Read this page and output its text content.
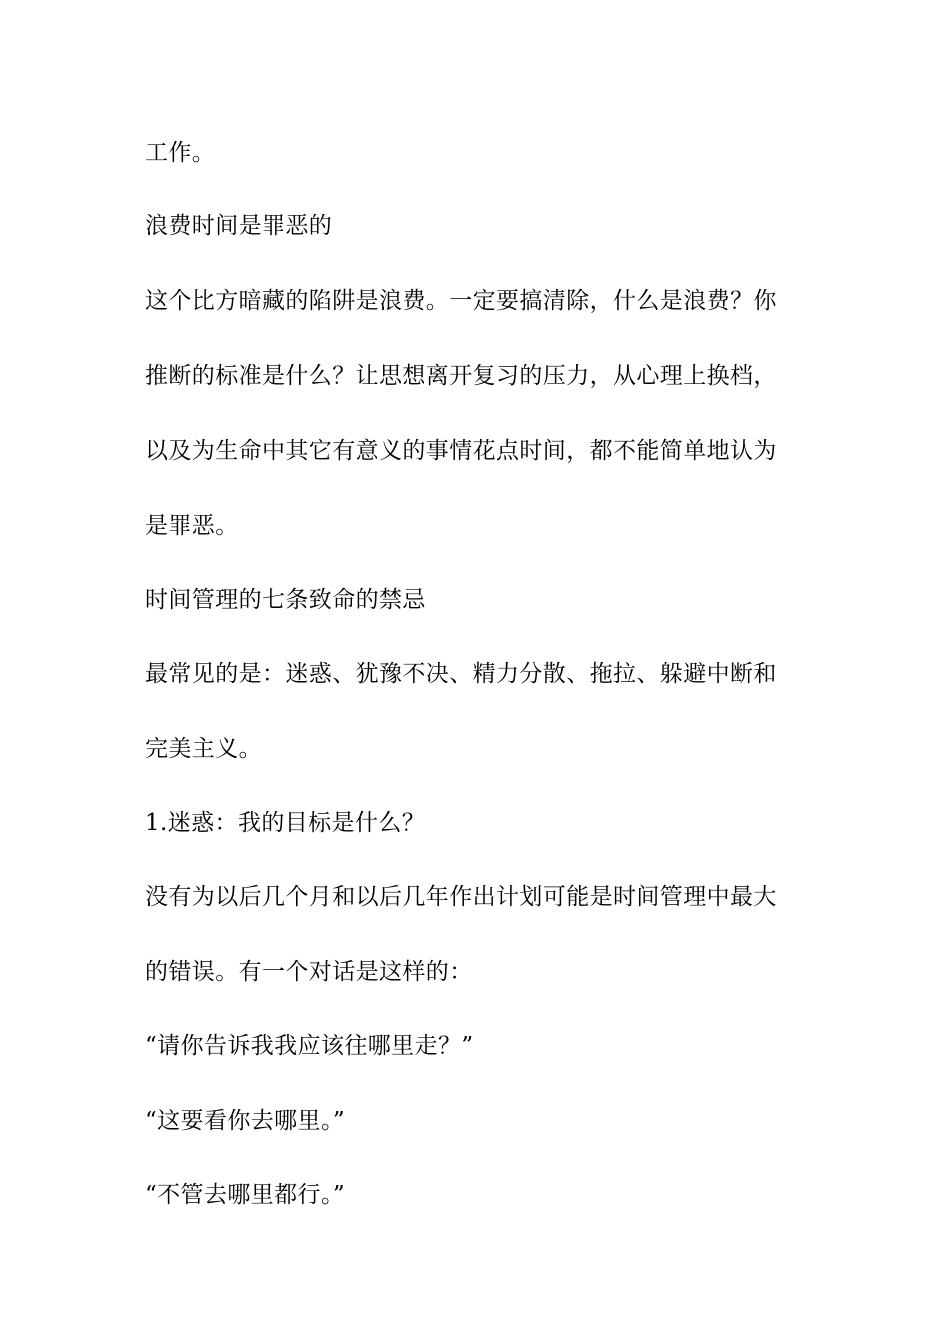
工作。
浪费时间是罪恶的
这个比方暗藏的陷阱是浪费。一定要搞清除，什么是浪费？你
推断的标准是什么？让思想离开复习的压力，从心理上换档，
以及为生命中其它有意义的事情花点时间，都不能简单地认为
是罪恶。
时间管理的七条致命的禁忌
最常见的是：迷惑、犹豫不决、精力分散、拖拉、躲避中断和
完美主义。
1.迷惑：我的目标是什么？
没有为以后几个月和以后几年作出计划可能是时间管理中最大
的错误。有一个对话是这样的：
“请你告诉我我应该往哪里走？”
“这要看你去哪里。”
“不管去哪里都行。”
